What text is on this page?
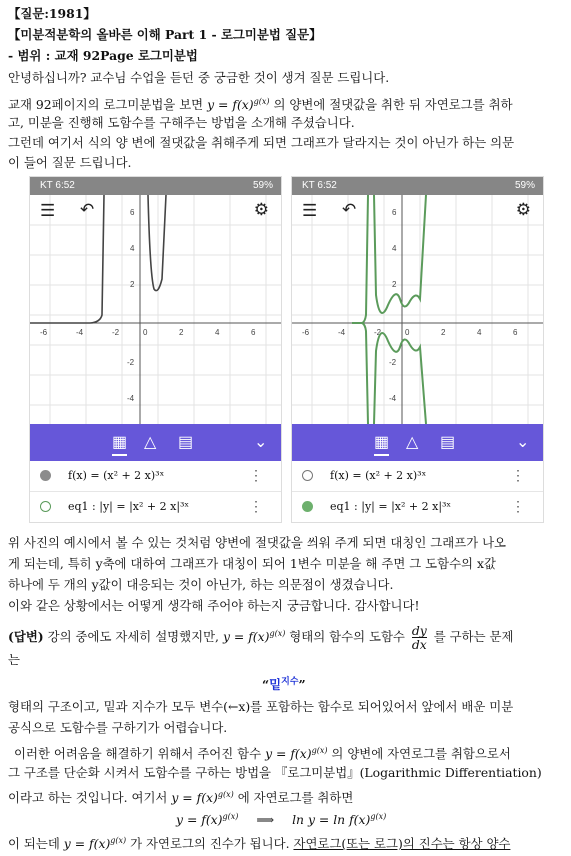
【질문:1981】
【미분적분학의 올바른 이해 Part 1 - 로그미분법 질문】
- 범위 : 교재 92Page 로그미분법
안녕하십니까? 교수님 수업을 듣던 중 궁금한 것이 생겨 질문 드립니다.
교재 92페이지의 로그미분법을 보면 $y = f(x)^{g(x)}$ 의 양변에 절댓값을 취한 뒤 자연로그를 취하
고, 미분을 진행해 도함수를 구해주는 방법을 소개해 주셨습니다.
그런데 여기서 식의 양 변에 절댓값을 취해주게 되면 그래프가 달라지는 것이 아닌가 하는 의문
이 들어 질문 드립니다.
KT 6:52	59%
-6	-4	-2	0	2	4	6
6
4
2
-2
-4
☰ ↶	⚙
▦ △ ▤	⌄
f(x) = (x² + 2 x)³ˣ	⋮
eq1 : |y| = |x² + 2 x|³ˣ	⋮
KT 6:52	59%
-6	-4	-2	0	2	4	6
6
4
2
-2
-4
☰ ↶	⚙
▦ △ ▤	⌄
f(x) = (x² + 2 x)³ˣ	⋮
eq1 : |y| = |x² + 2 x|³ˣ	⋮
위 사진의 예시에서 볼 수 있는 것처럼 양변에 절댓값을 씌워 주게 되면 대칭인 그래프가 나오
게 되는데, 특히 y축에 대하여 그래프가 대칭이 되어 1변수 미분을 해 주면 그 도함수의 x값
하나에 두 개의 y값이 대응되는 것이 아닌가, 하는 의문점이 생겼습니다.
이와 같은 상황에서는 어떻게 생각해 주어야 하는지 궁금합니다. 감사합니다!
(답변) 강의 중에도 자세히 설명했지만, $y = f(x)^{g(x)}$ 형태의 함수의 도함수 $\frac{dy}{dx}$ 를 구하는 문제
는
“밑$^{지수}$”
형태의 구조이고, 밑과 지수가 모두 변수(←x)를 포함하는 함수로 되어있어서 앞에서 배운 미분
공식으로 도함수를 구하기가 어렵습니다.
이러한 어려움을 해결하기 위해서 주어진 함수 $y = f(x)^{g(x)}$ 의 양변에 자연로그를 취함으로서
그 구조를 단순화 시켜서 도함수를 구하는 방법을 『로그미분법』(Logarithmic Differentiation)
이라고 하는 것입니다. 여기서 $y = f(x)^{g(x)}$ 에 자연로그를 취하면
$y = f(x)^{g(x)}$ ⟹ $\ln y = \ln f(x)^{g(x)}$
이 되는데 $y = f(x)^{g(x)}$ 가 자연로그의 진수가 됩니다. 자연로그(또는 로그)의 진수는 항상 양수
